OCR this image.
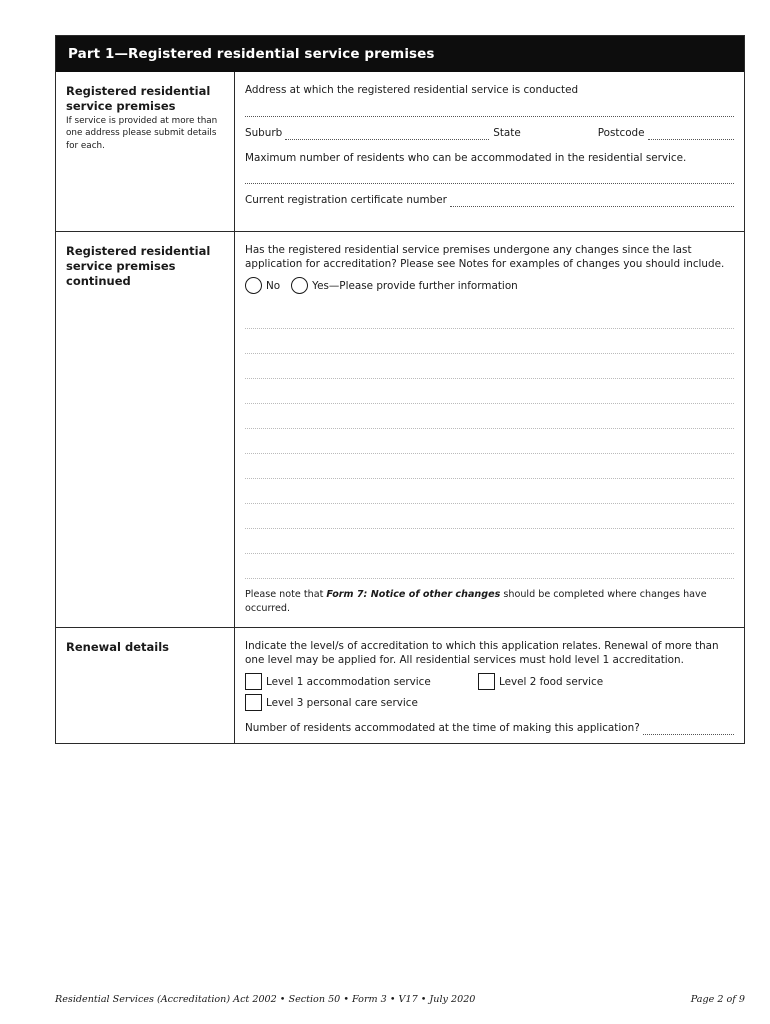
Part 1—Registered residential service premises
Registered residential service premises
If service is provided at more than one address please submit details for each.
Address at which the registered residential service is conducted
Suburb	State	Postcode
Maximum number of residents who can be accommodated in the residential service.
Current registration certificate number
Registered residential service premises continued
Has the registered residential service premises undergone any changes since the last application for accreditation? Please see Notes for examples of changes you should include.
No	Yes—Please provide further information
Please note that Form 7: Notice of other changes should be completed where changes have occurred.
Renewal details	Indicate the level/s of accreditation to which this application relates. Renewal of more than one level may be applied for. All residential services must hold level 1 accreditation.
Level 1 accommodation service	Level 2 food service
Level 3 personal care service
Number of residents accommodated at the time of making this application?
Residential Services (Accreditation) Act 2002 • Section 50 • Form 3 • V17 • July 2020	Page 2 of 9
